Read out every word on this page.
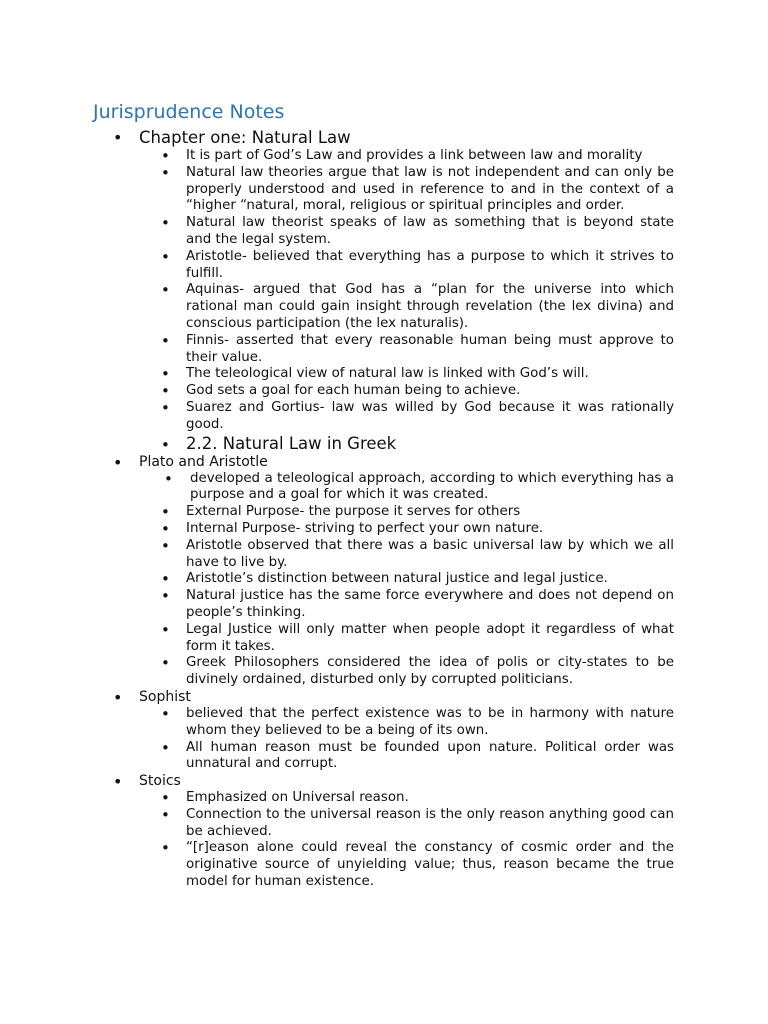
Jurisprudence Notes
• Chapter one: Natural Law
• It is part of God’s Law and provides a link between law and morality
• Natural law theories argue that law is not independent and can only be properly understood and used in reference to and in the context of a “higher “natural, moral, religious or spiritual principles and order.
• Natural law theorist speaks of law as something that is beyond state and the legal system.
• Aristotle- believed that everything has a purpose to which it strives to fulfill.
• Aquinas- argued that God has a “plan for the universe into which rational man could gain insight through revelation (the lex divina) and conscious participation (the lex naturalis).
• Finnis- asserted that every reasonable human being must approve to their value.
• The teleological view of natural law is linked with God’s will.
• God sets a goal for each human being to achieve.
• Suarez and Gortius- law was willed by God because it was rationally good.
• 2.2. Natural Law in Greek
• Plato and Aristotle
• developed a teleological approach, according to which everything has a purpose and a goal for which it was created.
• External Purpose- the purpose it serves for others
• Internal Purpose- striving to perfect your own nature.
• Aristotle observed that there was a basic universal law by which we all have to live by.
• Aristotle’s distinction between natural justice and legal justice.
• Natural justice has the same force everywhere and does not depend on people’s thinking.
• Legal Justice will only matter when people adopt it regardless of what form it takes.
• Greek Philosophers considered the idea of polis or city-states to be divinely ordained, disturbed only by corrupted politicians.
• Sophist
• believed that the perfect existence was to be in harmony with nature whom they believed to be a being of its own.
• All human reason must be founded upon nature. Political order was unnatural and corrupt.
• Stoics
• Emphasized on Universal reason.
• Connection to the universal reason is the only reason anything good can be achieved.
• “[r]eason alone could reveal the constancy of cosmic order and the originative source of unyielding value; thus, reason became the true model for human existence.
